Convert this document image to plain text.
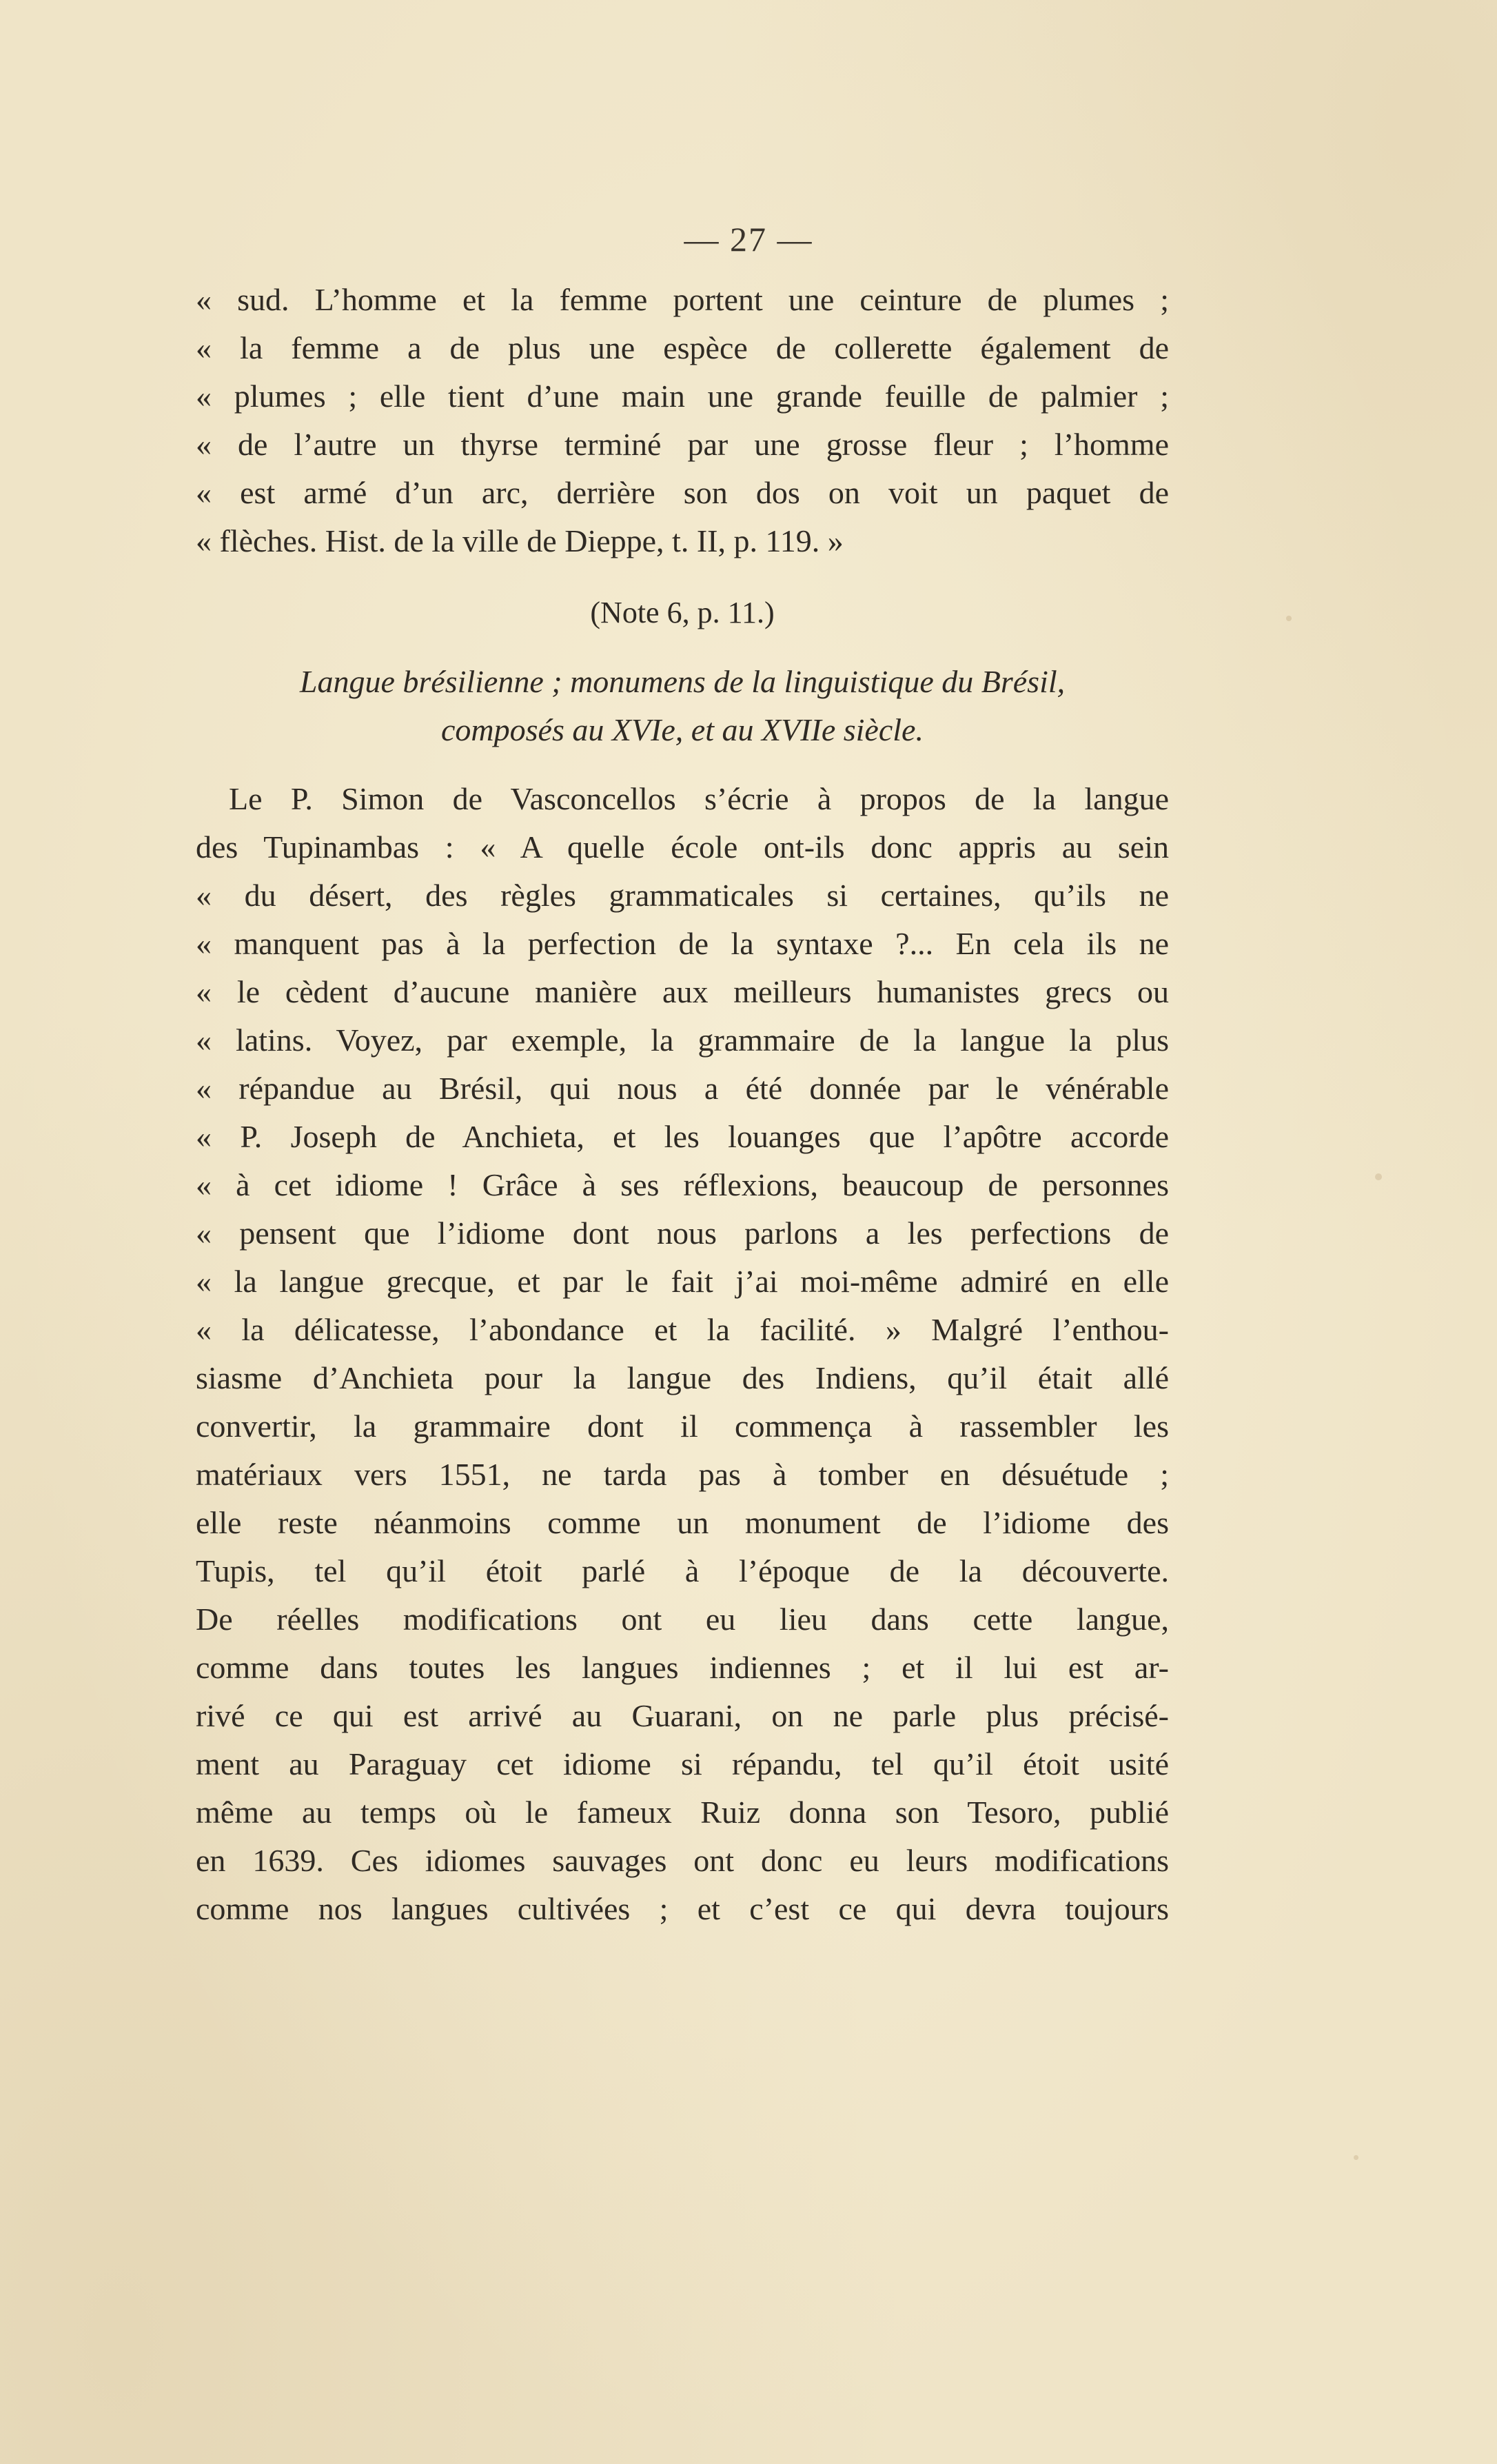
— 27 —
« sud. L’homme et la femme portent une ceinture de plumes ;
« la femme a de plus une espèce de collerette également de
« plumes ; elle tient d’une main une grande feuille de palmier ;
« de l’autre un thyrse terminé par une grosse fleur ; l’homme
« est armé d’un arc, derrière son dos on voit un paquet de
« flèches. Hist. de la ville de Dieppe, t. II, p. 119. »
(Note 6, p. 11.)
Langue brésilienne ; monumens de la linguistique du Brésil,
composés au XVIe, et au XVIIe siècle.
Le P. Simon de Vasconcellos s’écrie à propos de la langue
des Tupinambas : « A quelle école ont-ils donc appris au sein
« du désert, des règles grammaticales si certaines, qu’ils ne
« manquent pas à la perfection de la syntaxe ?... En cela ils ne
« le cèdent d’aucune manière aux meilleurs humanistes grecs ou
« latins. Voyez, par exemple, la grammaire de la langue la plus
« répandue au Brésil, qui nous a été donnée par le vénérable
« P. Joseph de Anchieta, et les louanges que l’apôtre accorde
« à cet idiome ! Grâce à ses réflexions, beaucoup de personnes
« pensent que l’idiome dont nous parlons a les perfections de
« la langue grecque, et par le fait j’ai moi-même admiré en elle
« la délicatesse, l’abondance et la facilité. » Malgré l’enthou-
siasme d’Anchieta pour la langue des Indiens, qu’il était allé
convertir, la grammaire dont il commença à rassembler les
matériaux vers 1551, ne tarda pas à tomber en désuétude ;
elle reste néanmoins comme un monument de l’idiome des
Tupis, tel qu’il étoit parlé à l’époque de la découverte.
De réelles modifications ont eu lieu dans cette langue,
comme dans toutes les langues indiennes ; et il lui est ar-
rivé ce qui est arrivé au Guarani, on ne parle plus précisé-
ment au Paraguay cet idiome si répandu, tel qu’il étoit usité
même au temps où le fameux Ruiz donna son Tesoro, publié
en 1639. Ces idiomes sauvages ont donc eu leurs modifications
comme nos langues cultivées ; et c’est ce qui devra toujours
